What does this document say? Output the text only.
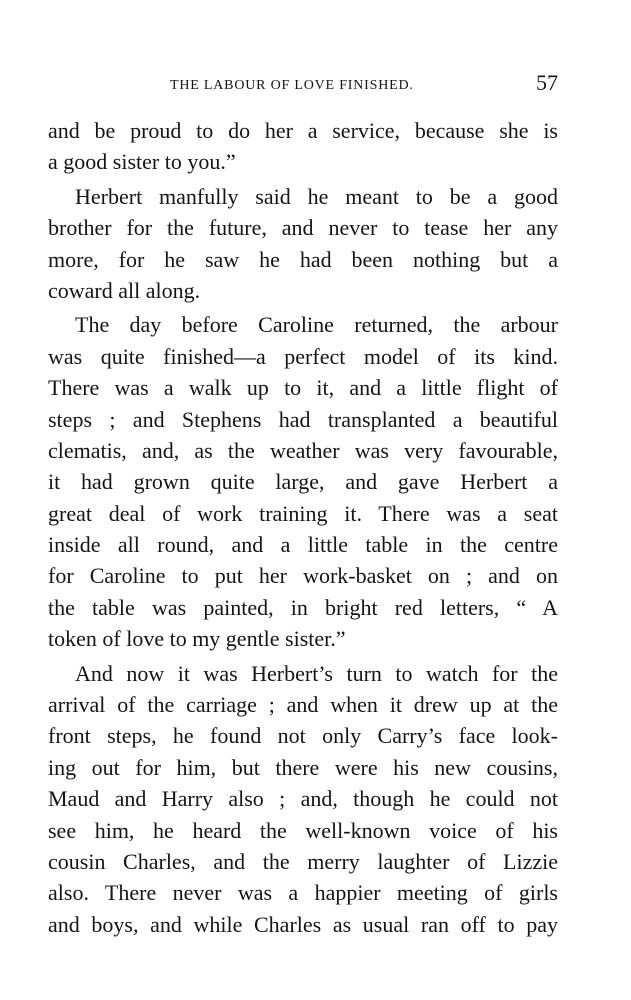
THE LABOUR OF LOVE FINISHED.	57
and be proud to do her a service, because she is
a good sister to you.”
Herbert manfully said he meant to be a good
brother for the future, and never to tease her any
more, for he saw he had been nothing but a
coward all along.
The day before Caroline returned, the arbour
was quite finished—a perfect model of its kind.
There was a walk up to it, and a little flight of
steps ; and Stephens had transplanted a beautiful
clematis, and, as the weather was very favourable,
it had grown quite large, and gave Herbert a
great deal of work training it. There was a seat
inside all round, and a little table in the centre
for Caroline to put her work-basket on ; and on
the table was painted, in bright red letters, “ A
token of love to my gentle sister.”
And now it was Herbert’s turn to watch for the
arrival of the carriage ; and when it drew up at the
front steps, he found not only Carry’s face look-
ing out for him, but there were his new cousins,
Maud and Harry also ; and, though he could not
see him, he heard the well-known voice of his
cousin Charles, and the merry laughter of Lizzie
also. There never was a happier meeting of girls
and boys, and while Charles as usual ran off to pay
